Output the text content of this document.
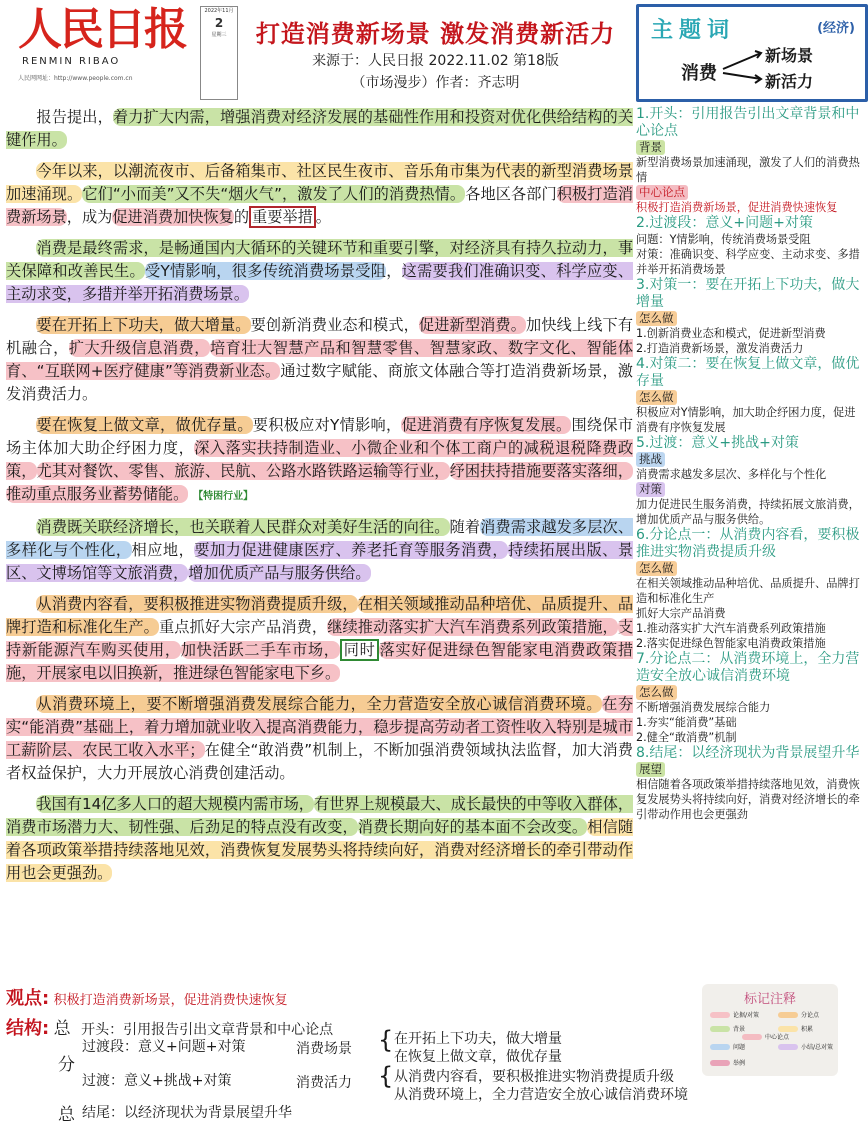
人民日报
RENMIN RIBAO
人民网网址：http://www.people.com.cn
2022年11月
2
星期三	打造消费新场景 激发消费新活力
来源于：人民日报 2022.11.02 第18版
（市场漫步）作者：齐志明
主题词	(经济)
消费
新场景
新活力

报告提出，着力扩大内需，增强消费对经济发展的基础性作用和投资对优化供给结构的关键作用。

今年以来，以潮流夜市、后备箱集市、社区民生夜市、音乐角市集为代表的新型消费场景加速涌现。它们“小而美”又不失“烟火气”，激发了人们的消费热情。各地区各部门积极打造消费新场景，成为促进消费加快恢复的 重要举措 。

消费是最终需求，是畅通国内大循环的关键环节和重要引擎，对经济具有持久拉动力，事关保障和改善民生。受Y情影响，很多传统消费场景受阻，这需要我们准确识变、科学应变、主动求变，多措并举开拓消费场景。

要在开拓上下功夫，做大增量。要创新消费业态和模式，促进新型消费。加快线上线下有机融合，扩大升级信息消费，培育壮大智慧产品和智慧零售、智慧家政、数字文化、智能体育、“互联网+医疗健康”等消费新业态。通过数字赋能、商旅文体融合等打造消费新场景，激发消费活力。

要在恢复上做文章，做优存量。要积极应对Y情影响，促进消费有序恢复发展。围绕保市场主体加大助企纾困力度，深入落实扶持制造业、小微企业和个体工商户的减税退税降费政策，尤其对餐饮、零售、旅游、民航、公路水路铁路运输等行业，纾困扶持措施要落实落细，推动重点服务业蓄势储能。 【特困行业】

消费既关联经济增长，也关联着人民群众对美好生活的向往。随着消费需求越发多层次、多样化与个性化，相应地，要加力促进健康医疗、养老托育等服务消费，持续拓展出版、景区、文博场馆等文旅消费，增加优质产品与服务供给。

从消费内容看，要积极推进实物消费提质升级，在相关领域推动品种培优、品质提升、品牌打造和标准化生产。重点抓好大宗产品消费，继续推动落实扩大汽车消费系列政策措施，支持新能源汽车购买使用，加快活跃二手车市场， 同时 落实好促进绿色智能家电消费政策措施，开展家电以旧换新，推进绿色智能家电下乡。

从消费环境上，要不断增强消费发展综合能力，全力营造安全放心诚信消费环境。在夯实“能消费”基础上，着力增加就业收入提高消费能力，稳步提高劳动者工资性收入特别是城市工薪阶层、农民工收入水平；在健全“敢消费”机制上，不断加强消费领域执法监督，加大消费者权益保护，大力开展放心消费创建活动。

我国有14亿多人口的超大规模内需市场，有世界上规模最大、成长最快的中等收入群体，消费市场潜力大、韧性强、后劲足的特点没有改变，消费长期向好的基本面不会改变。相信随着各项政策举措持续落地见效，消费恢复发展势头将持续向好，消费对经济增长的牵引带动作用也会更强劲。

1.开头：引用报告引出文章背景和中心论点
背景
新型消费场景加速涌现，激发了人们的消费热情
中心论点
积极打造消费新场景，促进消费快速恢复
2.过渡段：意义+问题+对策
问题：Y情影响，传统消费场景受阻
对策：准确识变、科学应变、主动求变、多措并举开拓消费场景
3.对策一：要在开拓上下功夫，做大增量
怎么做
1.创新消费业态和模式，促进新型消费
2.打造消费新场景，激发消费活力
4.对策二：要在恢复上做文章，做优存量
怎么做
积极应对Y情影响，加大助企纾困力度，促进消费有序恢复发展
5.过渡：意义+挑战+对策
挑战
消费需求越发多层次、多样化与个性化
对策
加力促进民生服务消费，持续拓展文旅消费，增加优质产品与服务供给。
6.分论点一：从消费内容看，要积极推进实物消费提质升级
怎么做
在相关领域推动品种培优、品质提升、品牌打造和标准化生产
抓好大宗产品消费
1.推动落实扩大汽车消费系列政策措施
2.落实促进绿色智能家电消费政策措施
7.分论点二：从消费环境上，全力营造安全放心诚信消费环境
怎么做
不断增强消费发展综合能力
1.夯实“能消费”基础
2.健全“敢消费”机制
8.结尾：以经济现状为背景展望升华
展望
相信随着各项政策举措持续落地见效，消费恢复发展势头将持续向好，消费对经济增长的牵引带动作用也会更强劲
标记注释
论据/对策	分论点
背景
中心论点
积累
问题	小结/总对策
举例
观点: 积极打造消费新场景，促进消费快速恢复
结构: 总 开头：引用报告引出文章背景和中心论点
分
过渡段：意义+问题+对策	消费场景 { 在开拓上下功夫，做大增量
在恢复上做文章，做优存量
过渡：意义+挑战+对策	消费活力 { 从消费内容看，要积极推进实物消费提质升级
从消费环境上，全力营造安全放心诚信消费环境
总 结尾：以经济现状为背景展望升华
